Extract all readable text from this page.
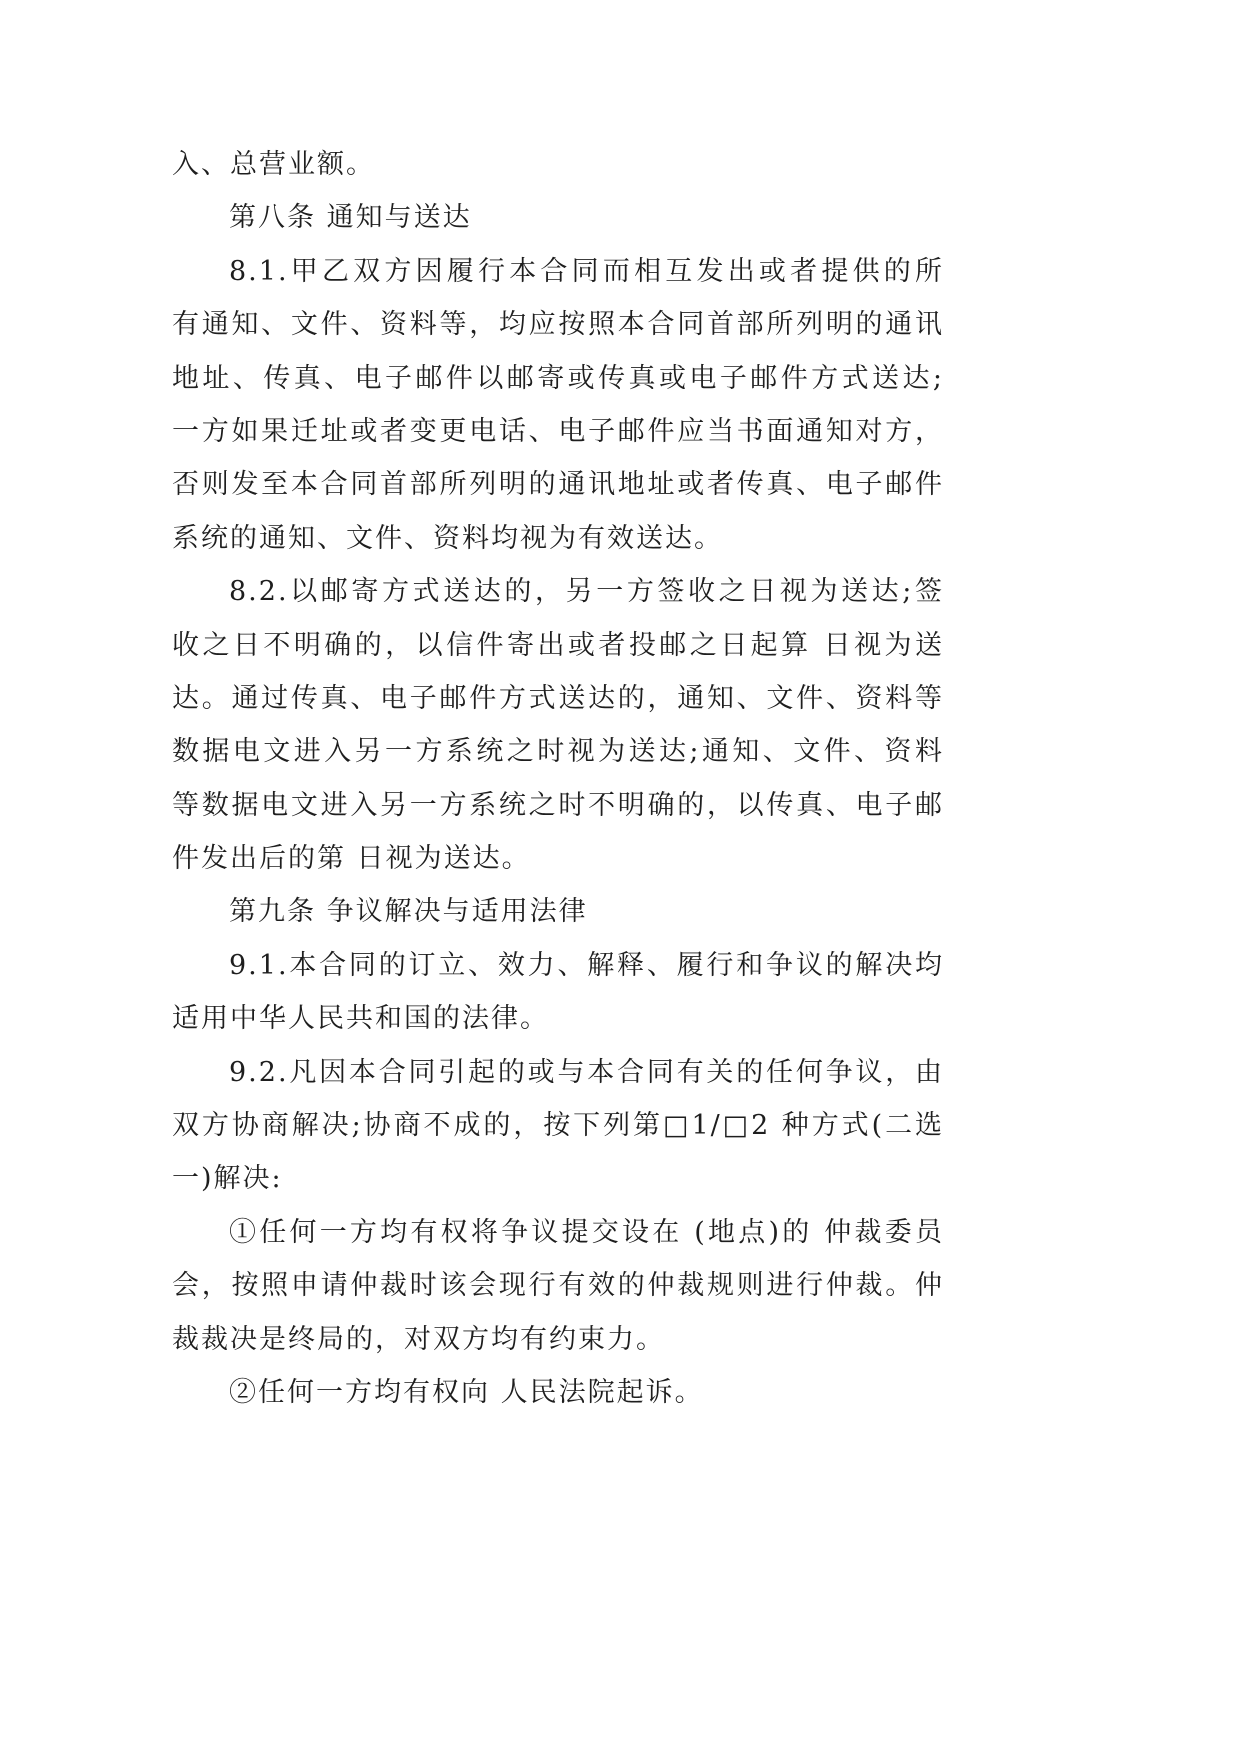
入、总营业额。
第八条 通知与送达
8.1.甲乙双方因履行本合同而相互发出或者提供的所
有通知、文件、资料等，均应按照本合同首部所列明的通讯
地址、传真、电子邮件以邮寄或传真或电子邮件方式送达;
一方如果迁址或者变更电话、电子邮件应当书面通知对方，
否则发至本合同首部所列明的通讯地址或者传真、电子邮件
系统的通知、文件、资料均视为有效送达。
8.2.以邮寄方式送达的，另一方签收之日视为送达;签
收之日不明确的，以信件寄出或者投邮之日起算 日视为送
达。通过传真、电子邮件方式送达的，通知、文件、资料等
数据电文进入另一方系统之时视为送达;通知、文件、资料
等数据电文进入另一方系统之时不明确的，以传真、电子邮
件发出后的第 日视为送达。
第九条 争议解决与适用法律
9.1.本合同的订立、效力、解释、履行和争议的解决均
适用中华人民共和国的法律。
9.2.凡因本合同引起的或与本合同有关的任何争议，由
双方协商解决;协商不成的，按下列第□1/□2 种方式(二选
一)解决:
①任何一方均有权将争议提交设在 (地点)的 仲裁委员
会，按照申请仲裁时该会现行有效的仲裁规则进行仲裁。仲
裁裁决是终局的，对双方均有约束力。
②任何一方均有权向 人民法院起诉。
